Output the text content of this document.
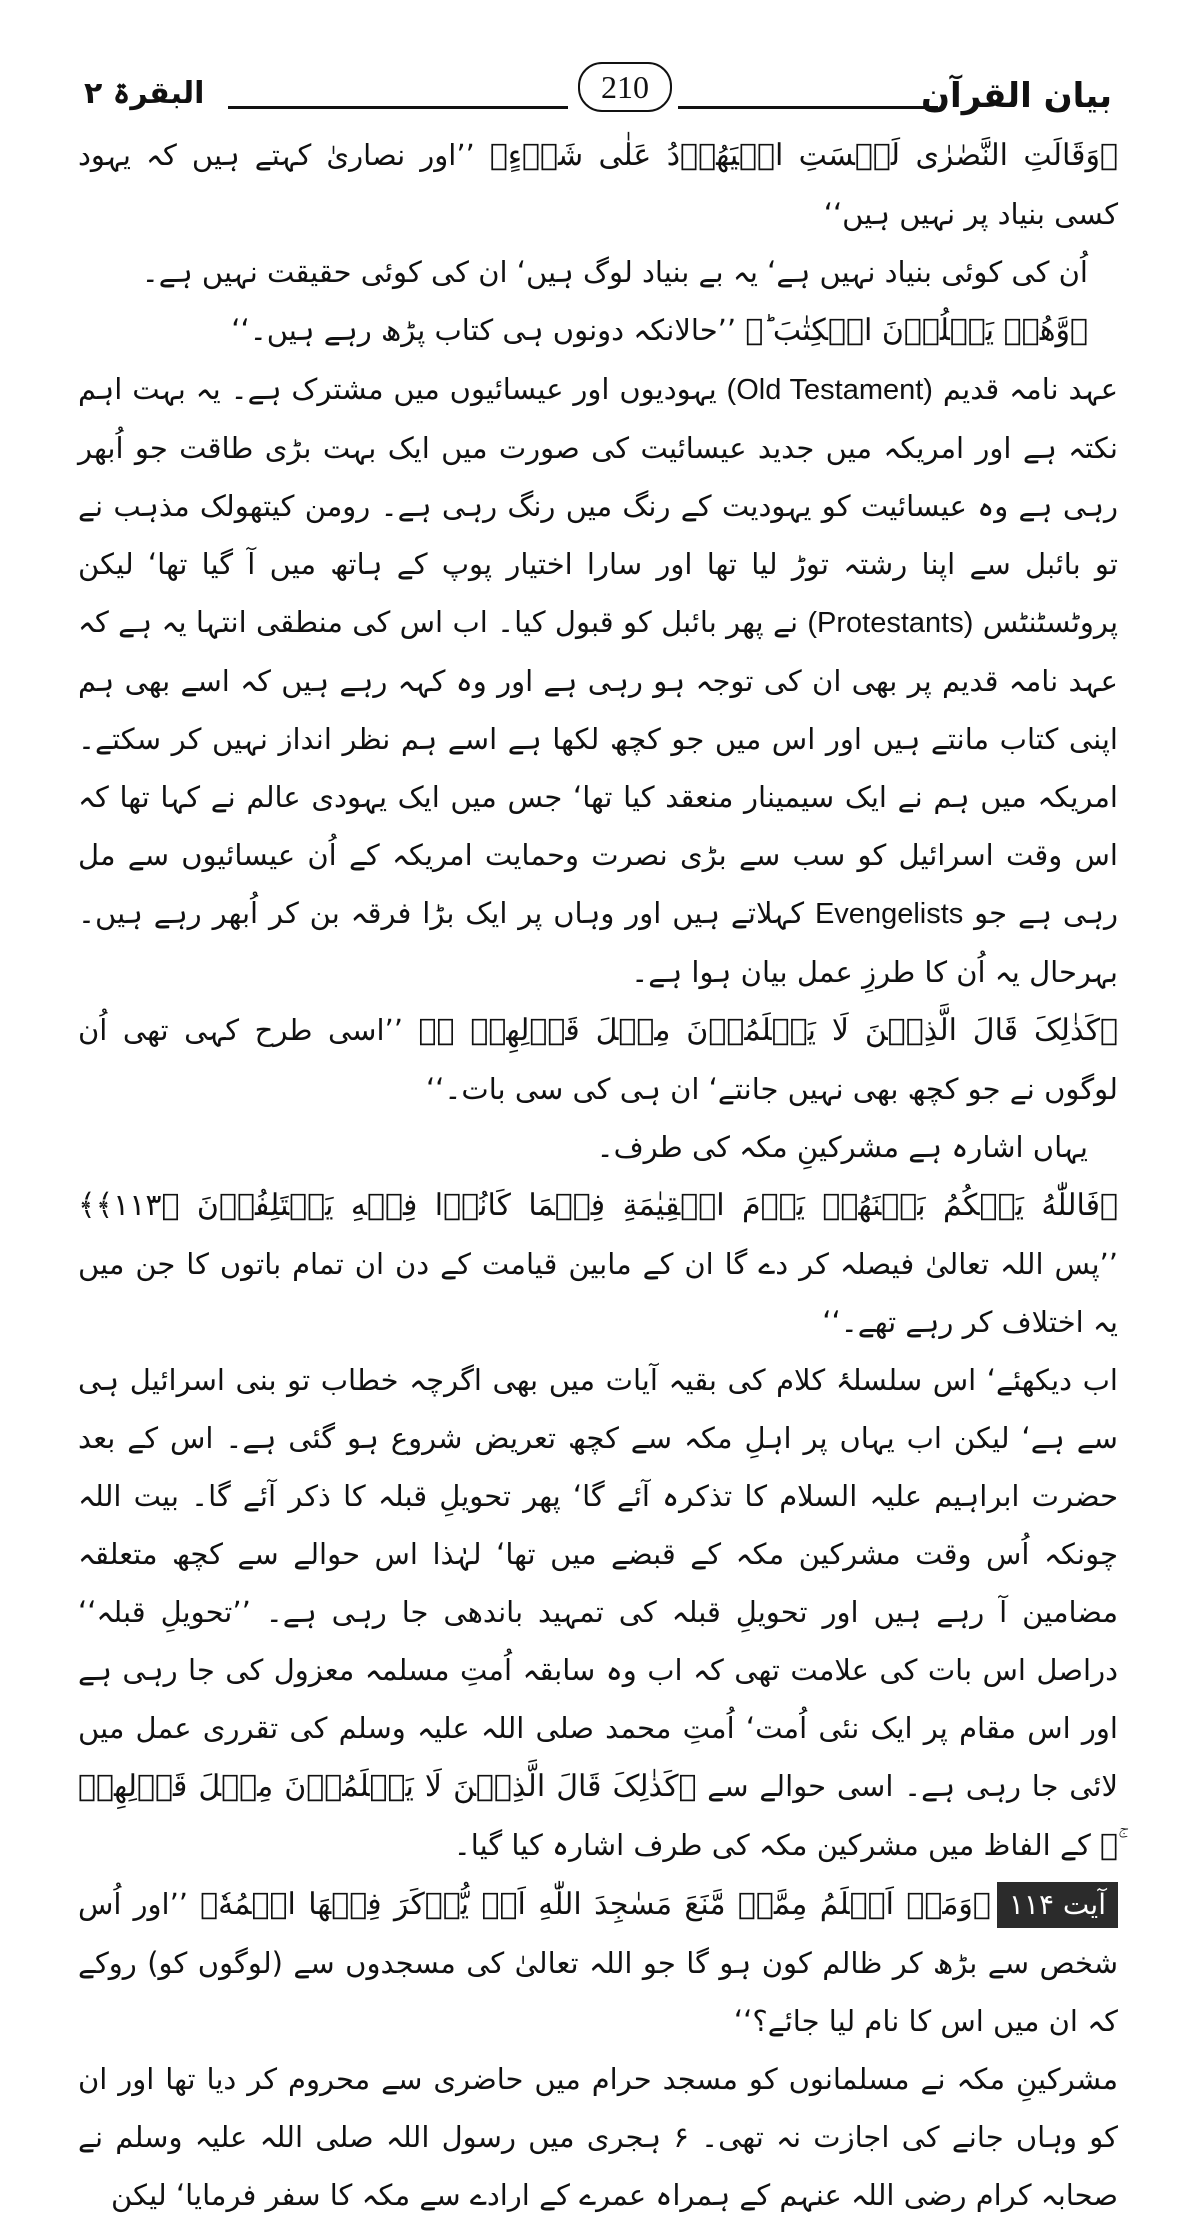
بیان القرآن
210
البقرۃ ۲

﴿وَقَالَتِ النَّصٰرٰی لَیۡسَتِ الۡیَهُوۡدُ عَلٰی شَیۡءٍ﴾ ’’اور نصاریٰ کہتے ہیں کہ یہود کسی بنیاد پر نہیں ہیں‘‘

اُن کی کوئی بنیاد نہیں ہے‘ یہ بے بنیاد لوگ ہیں‘ ان کی کوئی حقیقت نہیں ہے۔

﴿وَّهُمۡ یَتۡلُوۡنَ الۡکِتٰبَ ؕ﴾ ’’حالانکہ دونوں ہی کتاب پڑھ رہے ہیں۔‘‘

عہد نامہ قدیم (Old Testament) یہودیوں اور عیسائیوں میں مشترک ہے۔ یہ بہت اہم نکتہ ہے اور امریکہ میں جدید عیسائیت کی صورت میں ایک بہت بڑی طاقت جو اُبھر رہی ہے وہ عیسائیت کو یہودیت کے رنگ میں رنگ رہی ہے۔ رومن کیتھولک مذہب نے تو بائبل سے اپنا رشتہ توڑ لیا تھا اور سارا اختیار پوپ کے ہاتھ میں آ گیا تھا‘ لیکن پروٹسٹنٹس (Protestants) نے پھر بائبل کو قبول کیا۔ اب اس کی منطقی انتہا یہ ہے کہ عہد نامہ قدیم پر بھی ان کی توجہ ہو رہی ہے اور وہ کہہ رہے ہیں کہ اسے بھی ہم اپنی کتاب مانتے ہیں اور اس میں جو کچھ لکھا ہے اسے ہم نظر انداز نہیں کر سکتے۔ امریکہ میں ہم نے ایک سیمینار منعقد کیا تھا‘ جس میں ایک یہودی عالم نے کہا تھا کہ اس وقت اسرائیل کو سب سے بڑی نصرت وحمایت امریکہ کے اُن عیسائیوں سے مل رہی ہے جو Evengelists کہلاتے ہیں اور وہاں پر ایک بڑا فرقہ بن کر اُبھر رہے ہیں۔ بہرحال یہ اُن کا طرزِ عمل بیان ہوا ہے۔

﴿کَذٰلِکَ قَالَ الَّذِیۡنَ لَا یَعۡلَمُوۡنَ مِثۡلَ قَوۡلِهِمۡ ۚ﴾ ’’اسی طرح کہی تھی اُن لوگوں نے جو کچھ بھی نہیں جانتے‘ ان ہی کی سی بات۔‘‘

یہاں اشارہ ہے مشرکینِ مکہ کی طرف۔

﴿فَاللّٰهُ یَحۡکُمُ بَیۡنَهُمۡ یَوۡمَ الۡقِیٰمَةِ فِیۡمَا کَانُوۡا فِیۡهِ یَخۡتَلِفُوۡنَ ﴿۱۱۳﴾﴾ ’’پس اللہ تعالیٰ فیصلہ کر دے گا ان کے مابین قیامت کے دن ان تمام باتوں کا جن میں یہ اختلاف کر رہے تھے۔‘‘

اب دیکھئے‘ اس سلسلۂ کلام کی بقیہ آیات میں بھی اگرچہ خطاب تو بنی اسرائیل ہی سے ہے‘ لیکن اب یہاں پر اہلِ مکہ سے کچھ تعریض شروع ہو گئی ہے۔ اس کے بعد حضرت ابراہیم علیہ السلام کا تذکرہ آئے گا‘ پھر تحویلِ قبلہ کا ذکر آئے گا۔ بیت اللہ چونکہ اُس وقت مشرکین مکہ کے قبضے میں تھا‘ لہٰذا اس حوالے سے کچھ متعلقہ مضامین آ رہے ہیں اور تحویلِ قبلہ کی تمہید باندھی جا رہی ہے۔ ’’تحویلِ قبلہ‘‘ دراصل اس بات کی علامت تھی کہ اب وہ سابقہ اُمتِ مسلمہ معزول کی جا رہی ہے اور اس مقام پر ایک نئی اُمت‘ اُمتِ محمد صلی اللہ علیہ وسلم کی تقرری عمل میں لائی جا رہی ہے۔ اسی حوالے سے ﴿کَذٰلِکَ قَالَ الَّذِیۡنَ لَا یَعۡلَمُوۡنَ مِثۡلَ قَوۡلِهِمۡ ۚ﴾ کے الفاظ میں مشرکین مکہ کی طرف اشارہ کیا گیا۔

آیت ۱۱۴﴿وَمَنۡ اَظۡلَمُ مِمَّنۡ مَّنَعَ مَسٰجِدَ اللّٰهِ اَنۡ یُّذۡکَرَ فِیۡهَا اسۡمُهٗ﴾ ’’اور اُس شخص سے بڑھ کر ظالم کون ہو گا جو اللہ تعالیٰ کی مسجدوں سے (لوگوں کو) روکے کہ ان میں اس کا نام لیا جائے؟‘‘

مشرکینِ مکہ نے مسلمانوں کو مسجد حرام میں حاضری سے محروم کر دیا تھا اور ان کو وہاں جانے کی اجازت نہ تھی۔ ۶ ہجری میں رسول اللہ صلی اللہ علیہ وسلم نے صحابہ کرام رضی اللہ عنہم کے ہمراہ عمرے کے ارادے سے مکہ کا سفر فرمایا‘ لیکن
